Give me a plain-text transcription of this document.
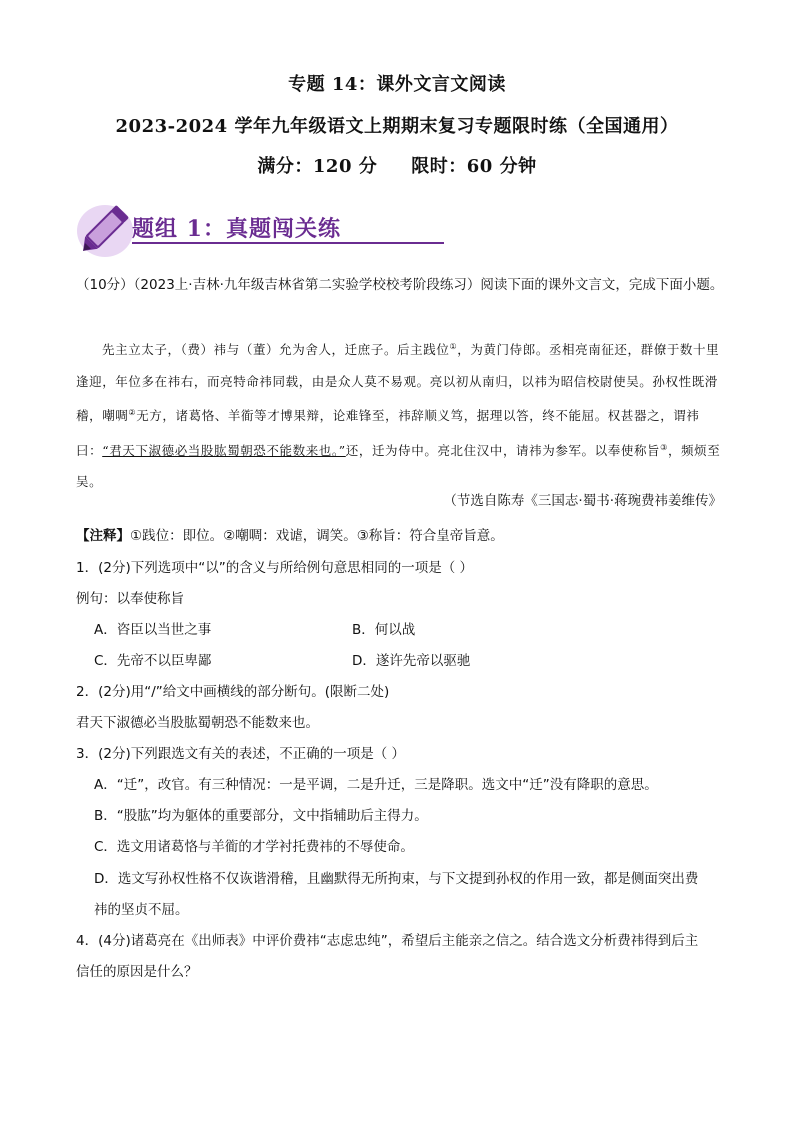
专题 14：课外文言文阅读
2023-2024 学年九年级语文上期期末复习专题限时练（全国通用）
满分：120 分 限时：60 分钟
题组 1：真题闯关练
（10分）（2023上·吉林·九年级吉林省第二实验学校校考阶段练习）阅读下面的课外文言文，完成下面小题。
先主立太子，（费）祎与（董）允为舍人，迁庶子。后主践位①，为黄门侍郎。丞相亮南征还，群僚于数十里逢迎，年位多在祎右，而亮特命祎同载，由是众人莫不易观。亮以初从南归，以祎为昭信校尉使吴。孙权性既滑稽，嘲啁②无方，诸葛恪、羊衜等才博果辩，论难锋至，祎辞顺义笃，据理以答，终不能屈。权甚器之，谓祎曰：“君天下淑德必当股肱蜀朝恐不能数来也。”还，迁为侍中。亮北住汉中，请祎为参军。以奉使称旨③，频烦至吴。
（节选自陈寿《三国志·蜀书·蒋琬费祎姜维传》
【注释】①践位：即位。②嘲啁：戏谑，调笑。③称旨：符合皇帝旨意。
1．(2分)下列选项中“以”的含义与所给例句意思相同的一项是（ ）
例句：以奉使称旨
A．咨臣以当世之事	B．何以战
C．先帝不以臣卑鄙	D．遂许先帝以驱驰
2．(2分)用“/”给文中画横线的部分断句。(限断二处)
君天下淑德必当股肱蜀朝恐不能数来也。
3．(2分)下列跟选文有关的表述，不正确的一项是（ ）
A．“迁”，改官。有三种情况：一是平调，二是升迁，三是降职。选文中“迁”没有降职的意思。
B．“股肱”均为躯体的重要部分，文中指辅助后主得力。
C．选文用诸葛恪与羊衜的才学衬托费祎的不辱使命。
D．选文写孙权性格不仅诙谐滑稽，且幽默得无所拘束，与下文提到孙权的作用一致，都是侧面突出费
祎的坚贞不屈。
4．(4分)诸葛亮在《出师表》中评价费祎“志虑忠纯”，希望后主能亲之信之。结合选文分析费祎得到后主
信任的原因是什么？
